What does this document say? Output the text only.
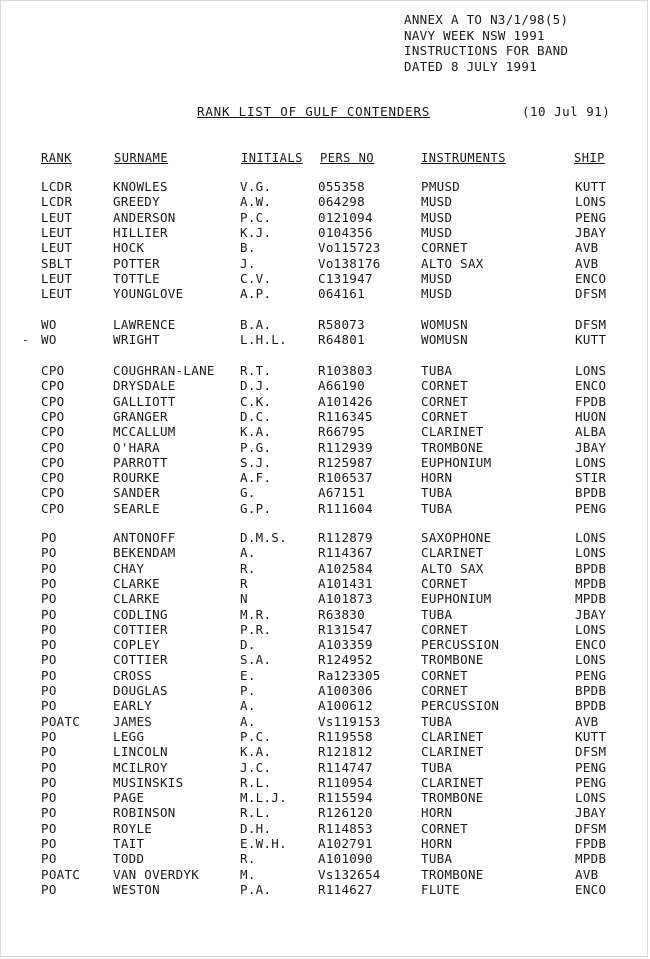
ANNEX A TO N3/1/98(5)
NAVY WEEK NSW 1991
INSTRUCTIONS FOR BAND
DATED 8 JULY 1991
RANK LIST OF GULF CONTENDERS	(10 Jul 91)
RANK	SURNAME	INITIALS PERS NO	INSTRUMENTS	SHIP
-
LCDR	KNOWLES	V.G.	055358	PMUSD	KUTT
LCDR	GREEDY	A.W.	064298	MUSD	LONS
LEUT	ANDERSON	P.C.	0121094	MUSD	PENG
LEUT	HILLIER	K.J.	0104356	MUSD	JBAY
LEUT	HOCK	B.	Vo115723	CORNET	AVB
SBLT	POTTER	J.	Vo138176	ALTO SAX	AVB
LEUT	TOTTLE	C.V.	C131947	MUSD	ENCO
LEUT	YOUNGLOVE	A.P.	064161	MUSD	DFSM
WO	LAWRENCE	B.A.	R58073	WOMUSN	DFSM
WO	WRIGHT	L.H.L. R64801	WOMUSN	KUTT
CPO	COUGHRAN-LANE R.T.	R103803	TUBA	LONS
CPO	DRYSDALE	D.J.	A66190	CORNET	ENCO
CPO	GALLIOTT	C.K.	A101426	CORNET	FPDB
CPO	GRANGER	D.C.	R116345	CORNET	HUON
CPO	MCCALLUM	K.A.	R66795	CLARINET	ALBA
CPO	O'HARA	P.G.	R112939	TROMBONE	JBAY
CPO	PARROTT	S.J.	R125987	EUPHONIUM	LONS
CPO	ROURKE	A.F.	R106537	HORN	STIR
CPO	SANDER	G.	A67151	TUBA	BPDB
CPO	SEARLE	G.P.	R111604	TUBA	PENG
PO	ANTONOFF	D.M.S. R112879	SAXOPHONE	LONS
PO	BEKENDAM	A.	R114367	CLARINET	LONS
PO	CHAY	R.	A102584	ALTO SAX	BPDB
PO	CLARKE	R	A101431	CORNET	MPDB
PO	CLARKE	N	A101873	EUPHONIUM	MPDB
PO	CODLING	M.R.	R63830	TUBA	JBAY
PO	COTTIER	P.R.	R131547	CORNET	LONS
PO	COPLEY	D.	A103359	PERCUSSION	ENCO
PO	COTTIER	S.A.	R124952	TROMBONE	LONS
PO	CROSS	E.	Ra123305	CORNET	PENG
PO	DOUGLAS	P.	A100306	CORNET	BPDB
PO	EARLY	A.	A100612	PERCUSSION	BPDB
POATC	JAMES	A.	Vs119153	TUBA	AVB
PO	LEGG	P.C.	R119558	CLARINET	KUTT
PO	LINCOLN	K.A.	R121812	CLARINET	DFSM
PO	MCILROY	J.C.	R114747	TUBA	PENG
PO	MUSINSKIS	R.L.	R110954	CLARINET	PENG
PO	PAGE	M.L.J. R115594	TROMBONE	LONS
PO	ROBINSON	R.L.	R126120	HORN	JBAY
PO	ROYLE	D.H.	R114853	CORNET	DFSM
PO	TAIT	E.W.H. A102791	HORN	FPDB
PO	TODD	R.	A101090	TUBA	MPDB
POATC	VAN OVERDYK	M.	Vs132654	TROMBONE	AVB
PO	WESTON	P.A.	R114627	FLUTE	ENCO
